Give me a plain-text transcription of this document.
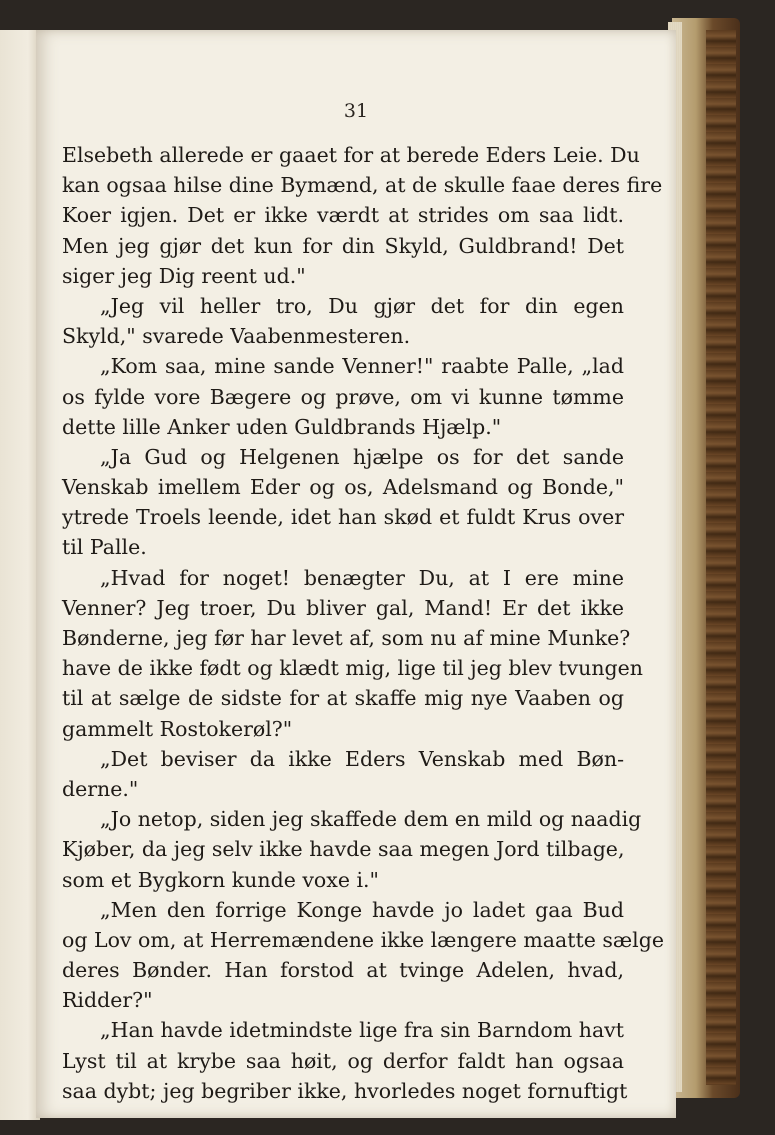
31
Elsebeth allerede er gaaet for at berede Eders Leie. Du
kan ogsaa hilse dine Bymænd, at de skulle faae deres fire
Koer igjen. Det er ikke værdt at strides om saa lidt.
Men jeg gjør det kun for din Skyld, Guldbrand! Det
siger jeg Dig reent ud."
„Jeg vil heller tro, Du gjør det for din egen
Skyld," svarede Vaabenmesteren.
„Kom saa, mine sande Venner!" raabte Palle, „lad
os fylde vore Bægere og prøve, om vi kunne tømme
dette lille Anker uden Guldbrands Hjælp."
„Ja Gud og Helgenen hjælpe os for det sande
Venskab imellem Eder og os, Adelsmand og Bonde,"
ytrede Troels leende, idet han skød et fuldt Krus over
til Palle.
„Hvad for noget! benægter Du, at I ere mine
Venner? Jeg troer, Du bliver gal, Mand! Er det ikke
Bønderne, jeg før har levet af, som nu af mine Munke?
have de ikke født og klædt mig, lige til jeg blev tvungen
til at sælge de sidste for at skaffe mig nye Vaaben og
gammelt Rostokerøl?"
„Det beviser da ikke Eders Venskab med Bøn-
derne."
„Jo netop, siden jeg skaffede dem en mild og naadig
Kjøber, da jeg selv ikke havde saa megen Jord tilbage,
som et Bygkorn kunde voxe i."
„Men den forrige Konge havde jo ladet gaa Bud
og Lov om, at Herremændene ikke længere maatte sælge
deres Bønder. Han forstod at tvinge Adelen, hvad,
Ridder?"
„Han havde idetmindste lige fra sin Barndom havt
Lyst til at krybe saa høit, og derfor faldt han ogsaa
saa dybt; jeg begriber ikke, hvorledes noget fornuftigt
